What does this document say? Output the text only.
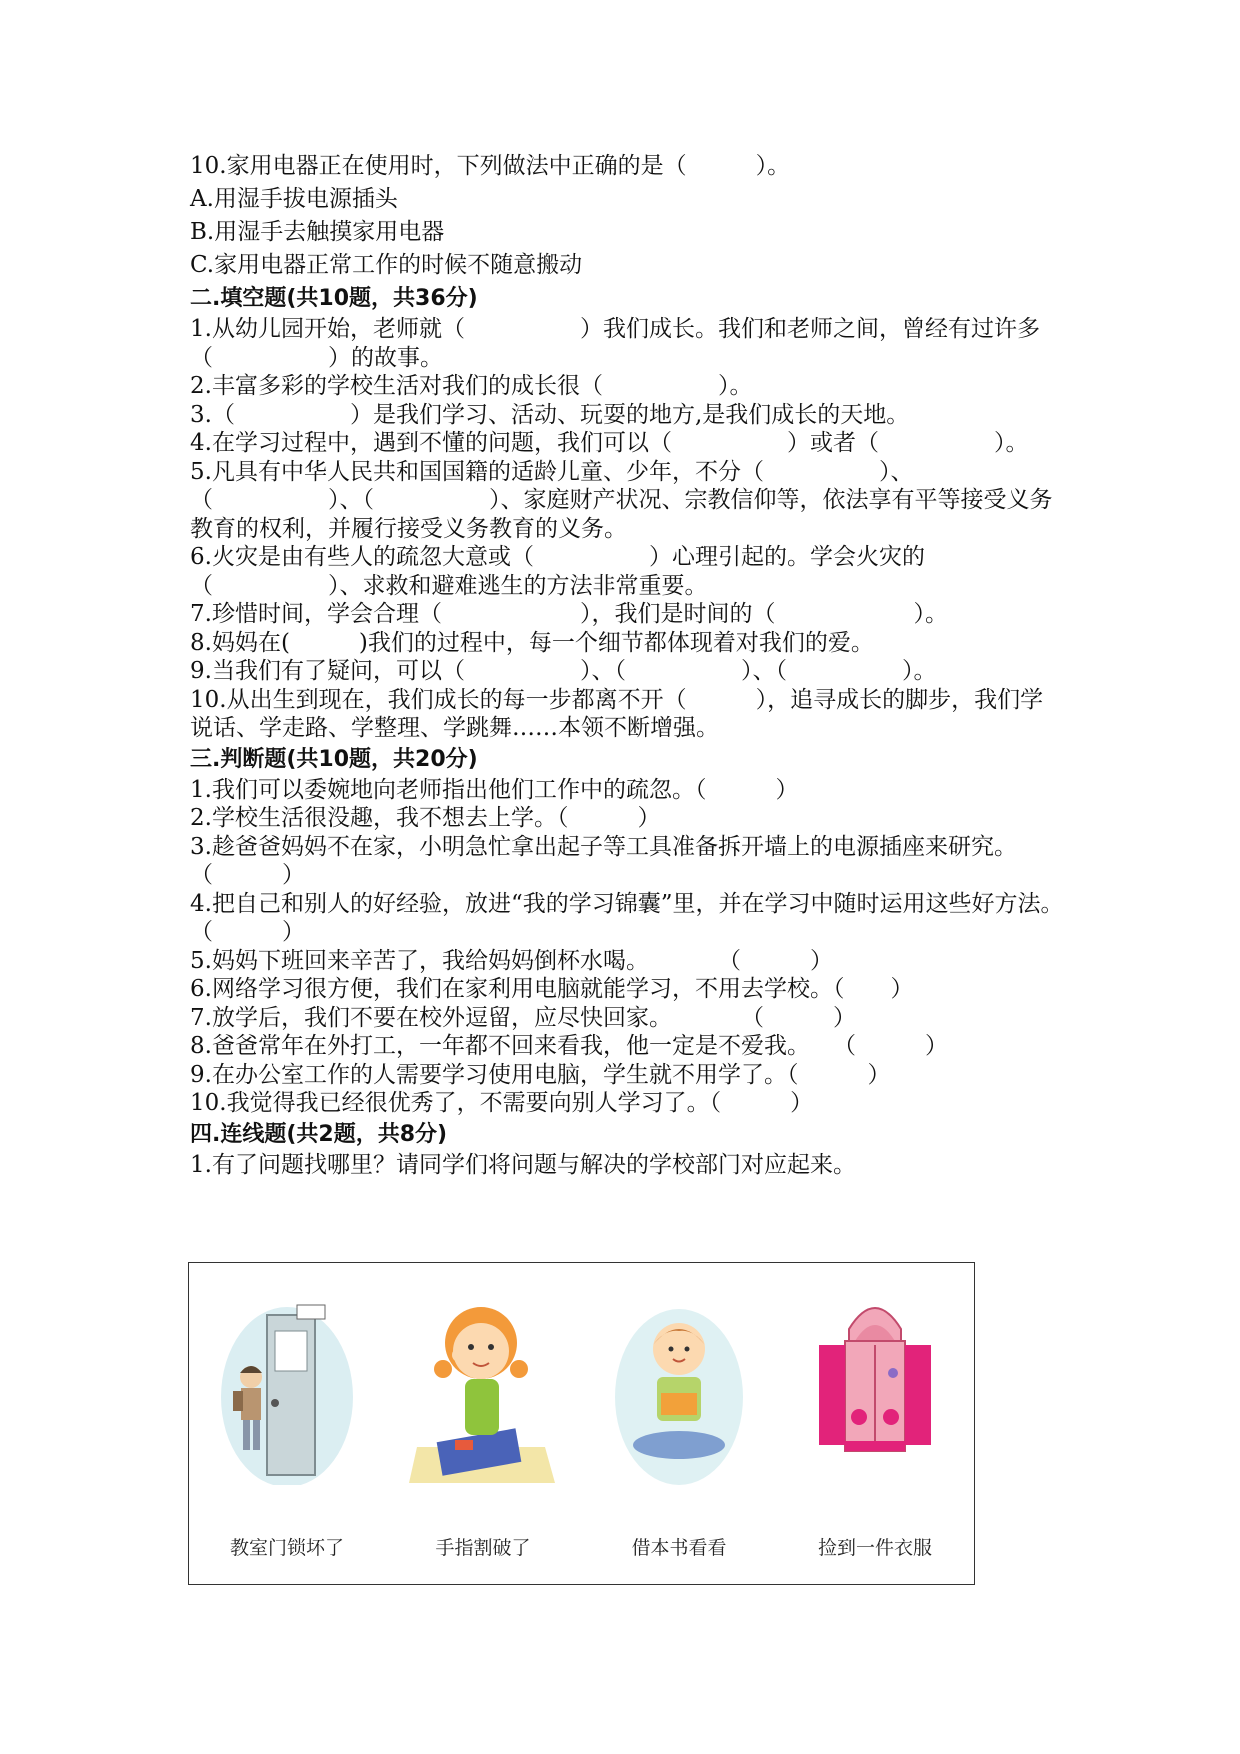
10.家用电器正在使用时，下列做法中正确的是（　　　）。

A.用湿手拔电源插头

B.用湿手去触摸家用电器

C.家用电器正常工作的时候不随意搬动

二.填空题(共10题，共36分)

1.从幼儿园开始，老师就（　　　　　）我们成长。我们和老师之间，曾经有过许多（　　　　　）的故事。

2.丰富多彩的学校生活对我们的成长很（　　　　　）。

3.（　　　　　）是我们学习、活动、玩耍的地方,是我们成长的天地。

4.在学习过程中，遇到不懂的问题，我们可以（　　　　　）或者（　　　　　）。

5.凡具有中华人民共和国国籍的适龄儿童、少年，不分（　　　　　）、（　　　　　）、（　　　　　）、家庭财产状况、宗教信仰等，依法享有平等接受义务教育的权利，并履行接受义务教育的义务。

6.火灾是由有些人的疏忽大意或（　　　　　）心理引起的。学会火灾的（　　　　　）、求救和避难逃生的方法非常重要。

7.珍惜时间，学会合理（　　　　　　），我们是时间的（　　　　　　）。

8.妈妈在(　　　)我们的过程中，每一个细节都体现着对我们的爱。

9.当我们有了疑问，可以（　　　　　）、（　　　　　）、（　　　　　）。

10.从出生到现在，我们成长的每一步都离不开（　　　），追寻成长的脚步，我们学说话、学走路、学整理、学跳舞……本领不断增强。

三.判断题(共10题，共20分)

1.我们可以委婉地向老师指出他们工作中的疏忽。（　　　）

2.学校生活很没趣，我不想去上学。（　　　）

3.趁爸爸妈妈不在家，小明急忙拿出起子等工具准备拆开墙上的电源插座来研究。　　　（　　　）

4.把自己和别人的好经验，放进“我的学习锦囊”里，并在学习中随时运用这些好方法。　　　（　　　）

5.妈妈下班回来辛苦了，我给妈妈倒杯水喝。　　　　（　　　）

6.网络学习很方便，我们在家利用电脑就能学习，不用去学校。（　　）

7.放学后，我们不要在校外逗留，应尽快回家。　　　　（　　　）

8.爸爸常年在外打工，一年都不回来看我，他一定是不爱我。　　（　　　）

9.在办公室工作的人需要学习使用电脑，学生就不用学了。（　　　）

10.我觉得我已经很优秀了，不需要向别人学习了。（　　　）

四.连线题(共2题，共8分)

1.有了问题找哪里？请同学们将问题与解决的学校部门对应起来。

教室门锁坏了	手指割破了	借本书看看	捡到一件衣服
